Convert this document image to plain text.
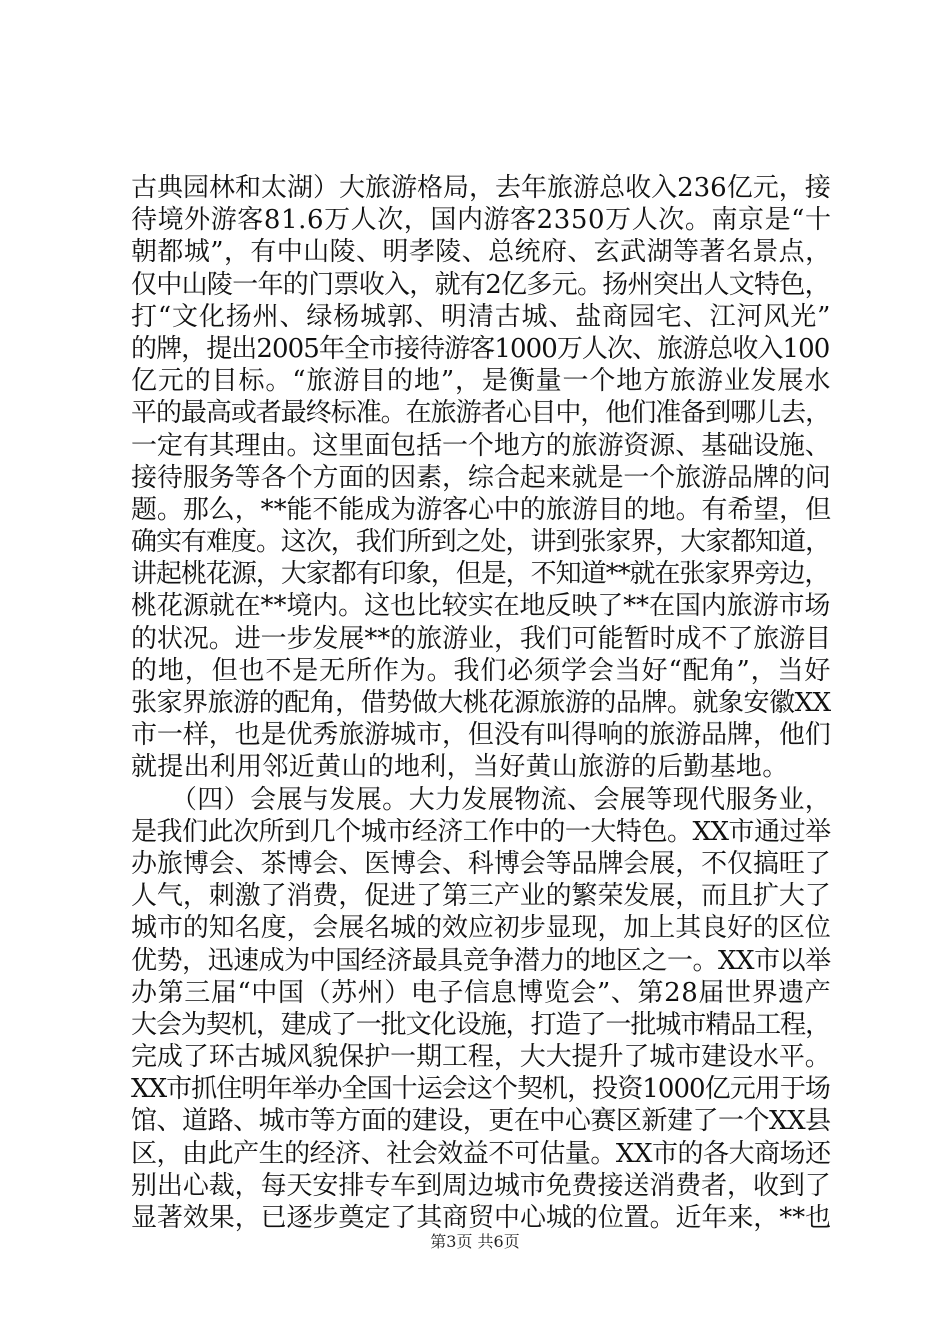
古典园林和太湖）大旅游格局，去年旅游总收入236亿元，接
待境外游客81.6万人次，国内游客2350万人次。南京是“十
朝都城”，有中山陵、明孝陵、总统府、玄武湖等著名景点，
仅中山陵一年的门票收入，就有2亿多元。扬州突出人文特色，
打“文化扬州、绿杨城郭、明清古城、盐商园宅、江河风光”
的牌，提出2005年全市接待游客1000万人次、旅游总收入100
亿元的目标。“旅游目的地”，是衡量一个地方旅游业发展水
平的最高或者最终标准。在旅游者心目中，他们准备到哪儿去，
一定有其理由。这里面包括一个地方的旅游资源、基础设施、
接待服务等各个方面的因素，综合起来就是一个旅游品牌的问
题。那么，**能不能成为游客心中的旅游目的地。有希望，但
确实有难度。这次，我们所到之处，讲到张家界，大家都知道，
讲起桃花源，大家都有印象，但是，不知道**就在张家界旁边，
桃花源就在**境内。这也比较实在地反映了**在国内旅游市场
的状况。进一步发展**的旅游业，我们可能暂时成不了旅游目
的地，但也不是无所作为。我们必须学会当好“配角”，当好
张家界旅游的配角，借势做大桃花源旅游的品牌。就象安徽XX
市一样，也是优秀旅游城市，但没有叫得响的旅游品牌，他们
就提出利用邻近黄山的地利，当好黄山旅游的后勤基地。
　　（四）会展与发展。大力发展物流、会展等现代服务业，
是我们此次所到几个城市经济工作中的一大特色。XX市通过举
办旅博会、茶博会、医博会、科博会等品牌会展，不仅搞旺了
人气，刺激了消费，促进了第三产业的繁荣发展，而且扩大了
城市的知名度，会展名城的效应初步显现，加上其良好的区位
优势，迅速成为中国经济最具竞争潜力的地区之一。XX市以举
办第三届“中国（苏州）电子信息博览会”、第28届世界遗产
大会为契机，建成了一批文化设施，打造了一批城市精品工程，
完成了环古城风貌保护一期工程，大大提升了城市建设水平。
XX市抓住明年举办全国十运会这个契机，投资1000亿元用于场
馆、道路、城市等方面的建设，更在中心赛区新建了一个XX县
区，由此产生的经济、社会效益不可估量。XX市的各大商场还
别出心裁，每天安排专车到周边城市免费接送消费者，收到了
显著效果，已逐步奠定了其商贸中心城的位置。近年来，**也
第3页 共6页
